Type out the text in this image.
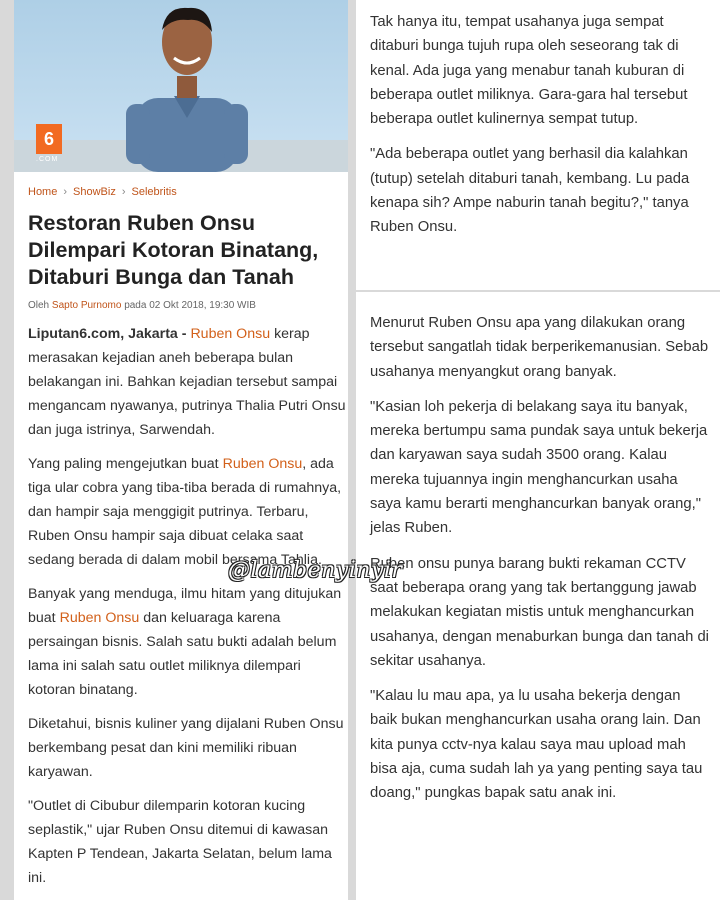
6
.COM
Home › ShowBiz › Selebritis
Restoran Ruben Onsu Dilempari Kotoran Binatang, Ditaburi Bunga dan Tanah
Oleh Sapto Purnomo pada 02 Okt 2018, 19:30 WIB

Liputan6.com, Jakarta - Ruben Onsu kerap merasakan kejadian aneh beberapa bulan belakangan ini. Bahkan kejadian tersebut sampai mengancam nyawanya, putrinya Thalia Putri Onsu dan juga istrinya, Sarwendah.

Yang paling mengejutkan buat Ruben Onsu, ada tiga ular cobra yang tiba-tiba berada di rumahnya, dan hampir saja menggigit putrinya. Terbaru, Ruben Onsu hampir saja dibuat celaka saat sedang berada di dalam mobil bersama Tahlia.

Banyak yang menduga, ilmu hitam yang ditujukan buat Ruben Onsu dan keluaraga karena persaingan bisnis. Salah satu bukti adalah belum lama ini salah satu outlet miliknya dilempari kotoran binatang.

Diketahui, bisnis kuliner yang dijalani Ruben Onsu berkembang pesat dan kini memiliki ribuan karyawan.

"Outlet di Cibubur dilemparin kotoran kucing seplastik," ujar Ruben Onsu ditemui di kawasan Kapten P Tendean, Jakarta Selatan, belum lama ini.

Tak hanya itu, tempat usahanya juga sempat ditaburi bunga tujuh rupa oleh seseorang tak di kenal. Ada juga yang menabur tanah kuburan di beberapa outlet miliknya. Gara-gara hal tersebut beberapa outlet kulinernya sempat tutup.

"Ada beberapa outlet yang berhasil dia kalahkan (tutup) setelah ditaburi tanah, kembang. Lu pada kenapa sih? Ampe naburin tanah begitu?," tanya Ruben Onsu.

Menurut Ruben Onsu apa yang dilakukan orang tersebut sangatlah tidak berperikemanusian. Sebab usahanya menyangkut orang banyak.

"Kasian loh pekerja di belakang saya itu banyak, mereka bertumpu sama pundak saya untuk bekerja dan karyawan saya sudah 3500 orang. Kalau mereka tujuannya ingin menghancurkan usaha saya kamu berarti menghancurkan banyak orang," jelas Ruben.

Ruben onsu punya barang bukti rekaman CCTV saat beberapa orang yang tak bertanggung jawab melakukan kegiatan mistis untuk menghancurkan usahanya, dengan menaburkan bunga dan tanah di sekitar usahanya.

"Kalau lu mau apa, ya lu usaha bekerja dengan baik bukan menghancurkan usaha orang lain. Dan kita punya cctv-nya kalau saya mau upload mah bisa aja, cuma sudah lah ya yang penting saya tau doang," pungkas bapak satu anak ini.

@lambenyinyir
